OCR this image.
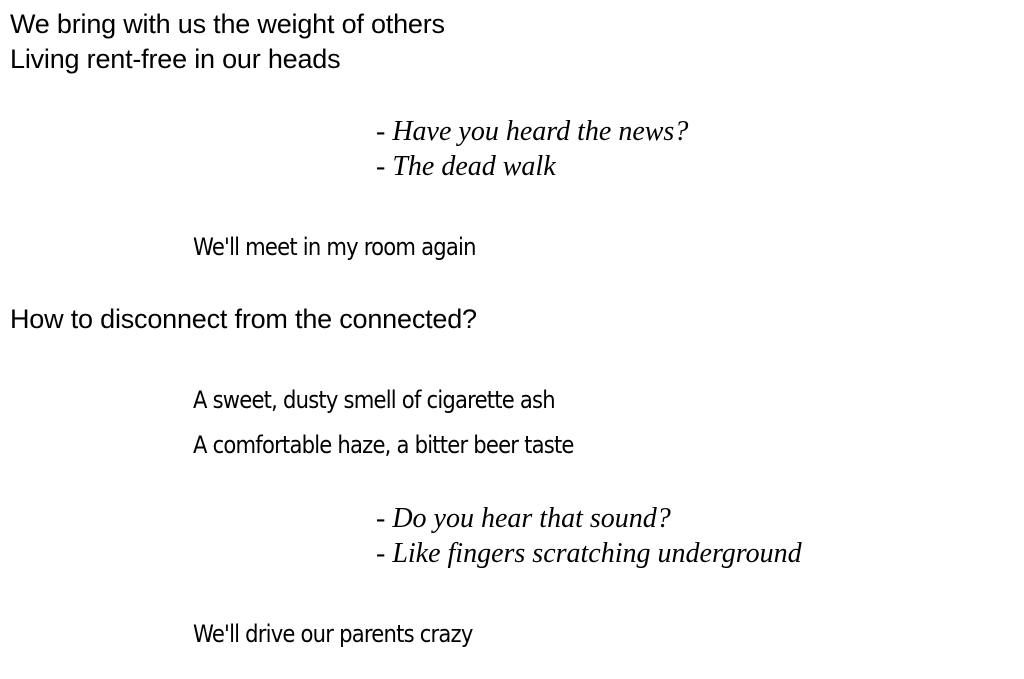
We bring with us the weight of others

Living rent-free in our heads

- Have you heard the news?

- The dead walk

We'll meet in my room again

How to disconnect from the connected?

A sweet, dusty smell of cigarette ash

A comfortable haze, a bitter beer taste

- Do you hear that sound?

- Like fingers scratching underground

We'll drive our parents crazy
